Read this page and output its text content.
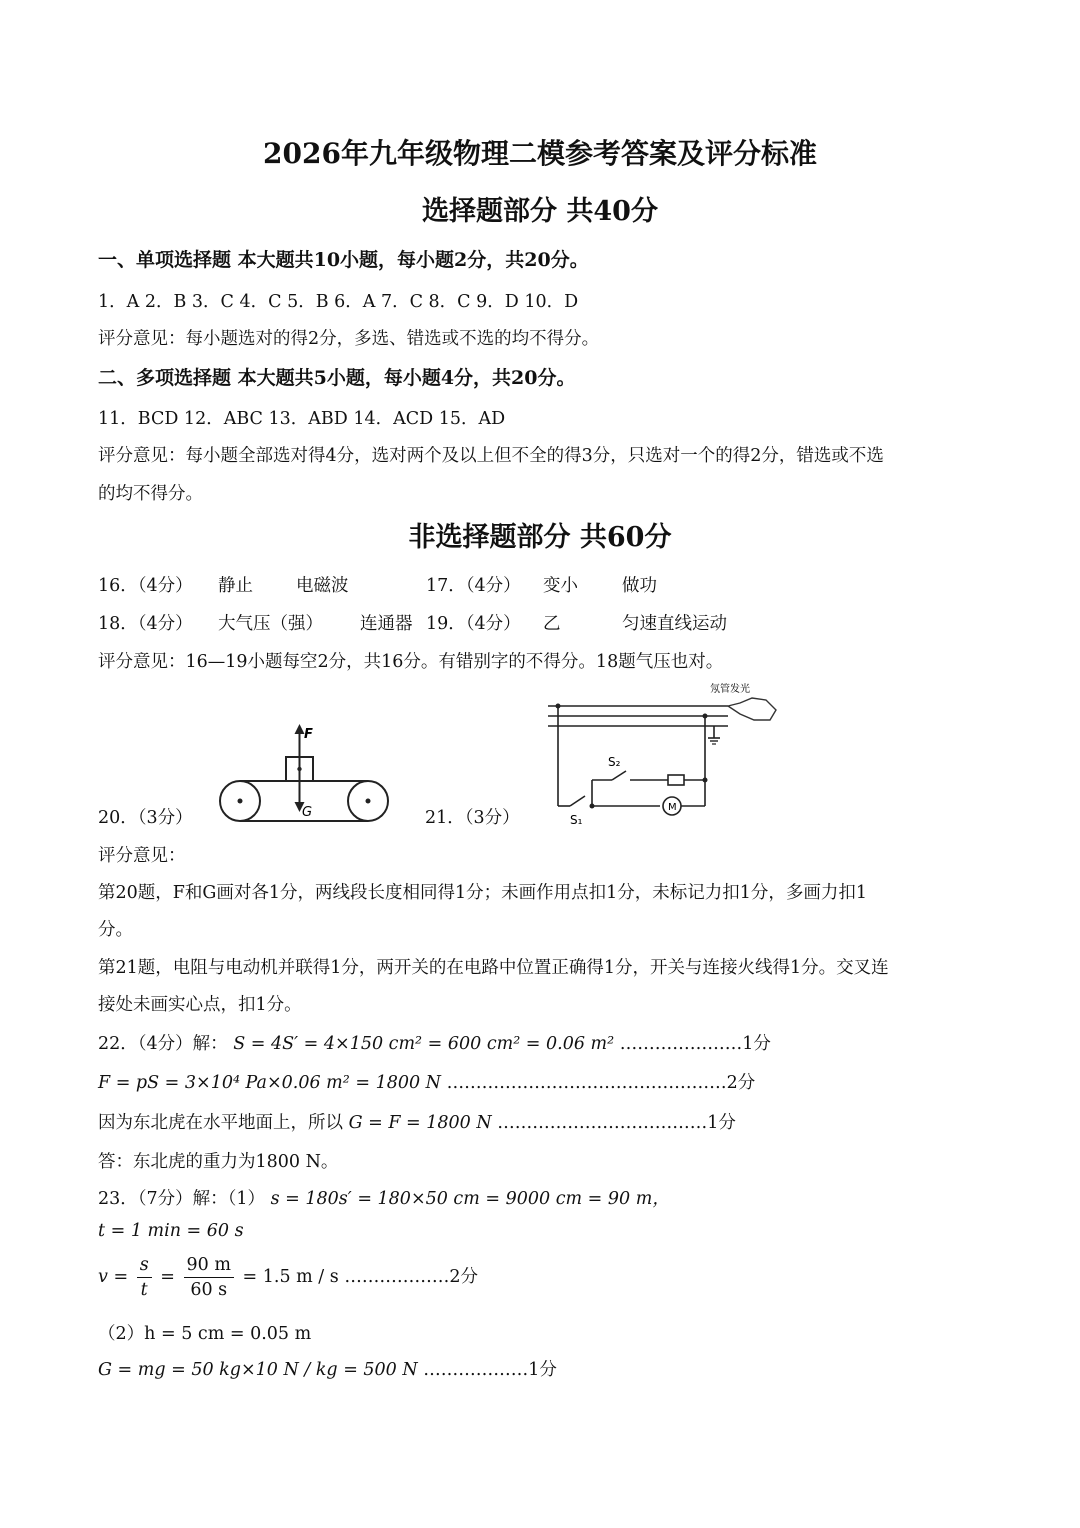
2026年九年级物理二模参考答案及评分标准
选择题部分 共40分
一、单项选择题 本大题共10小题，每小题2分，共20分。
1．A 2．B 3．C 4．C 5．B 6．A 7．C 8．C 9．D 10．D
评分意见：每小题选对的得2分，多选、错选或不选的均不得分。
二、多项选择题 本大题共5小题，每小题4分，共20分。
11．BCD 12．ABC 13．ABD 14．ACD 15．AD
评分意见：每小题全部选对得4分，选对两个及以上但不全的得3分，只选对一个的得2分，错选或不选
的均不得分。
非选择题部分 共60分
16．（4分） 静止 电磁波	17．（4分） 变小	做功
18．（4分） 大气压（强） 连通器 19．（4分） 乙	匀速直线运动
评分意见：16—19小题每空2分，共16分。有错别字的不得分。18题气压也对。
20．（3分）
F
G	21．（3分）
氖管发光
M
S₁
S₂
评分意见：
第20题，F和G画对各1分，两线段长度相同得1分；未画作用点扣1分，未标记力扣1分，多画力扣1
分。
第21题，电阻与电动机并联得1分，两开关的在电路中位置正确得1分，开关与连接火线得1分。交叉连
接处未画实心点，扣1分。
22．（4分）解： S = 4S′ = 4×150 cm² = 600 cm² = 0.06 m² …………………1分
F = pS = 3×10⁴ Pa×0.06 m² = 1800 N …………………………………………2分
因为东北虎在水平地面上，所以 G = F = 1800 N ………………………………1分
答：东北虎的重力为1800 N。
23．（7分）解：（1） s = 180s′ = 180×50 cm = 9000 cm = 90 m，
t = 1 min = 60 s
$v = \frac{s}{t} = \frac{90 m}{60 s} = 1.5$ m / s ………………2分
（2）h = 5 cm = 0.05 m
G = mg = 50 kg×10 N / kg = 500 N ………………1分
